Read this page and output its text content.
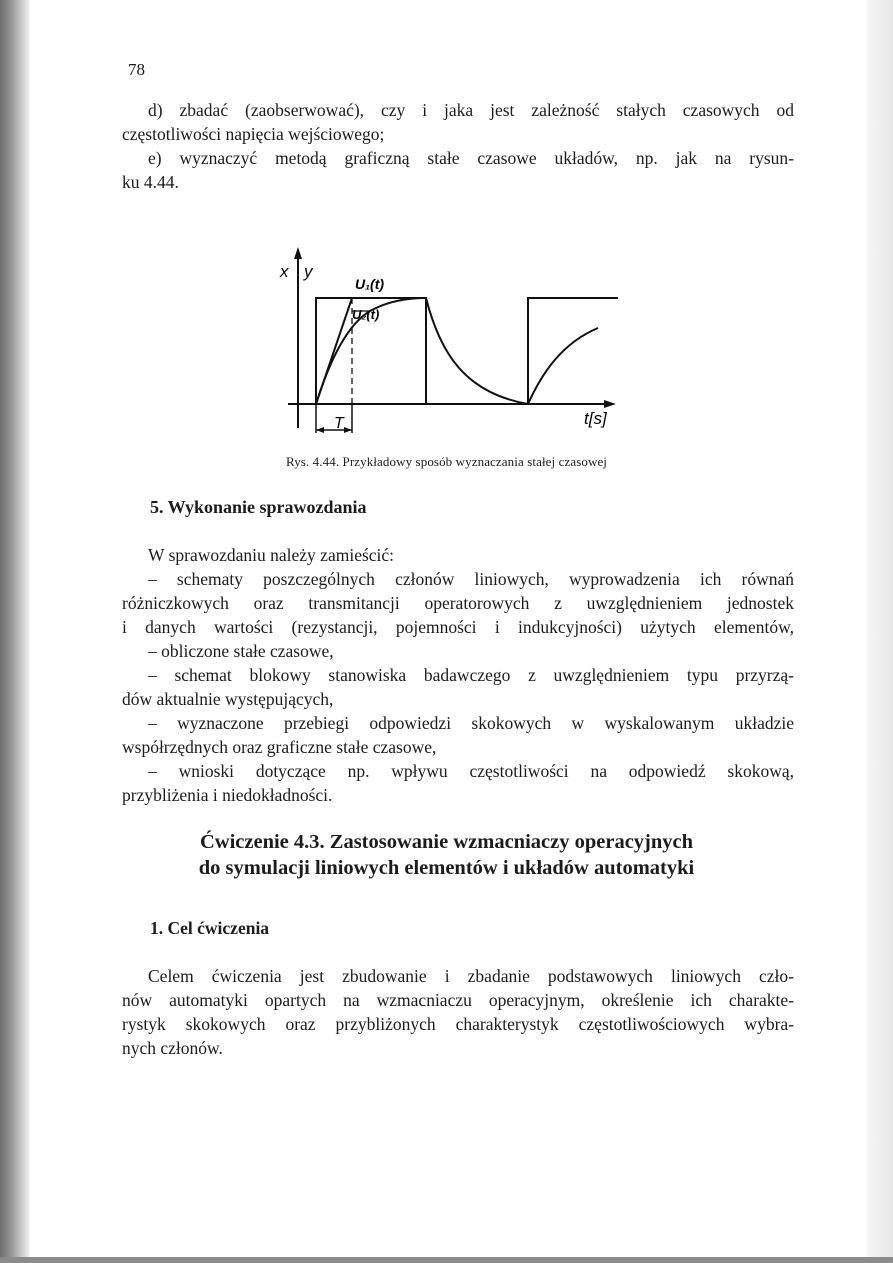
78
d) zbadać (zaobserwować), czy i jaka jest zależność stałych czasowych od
częstotliwości napięcia wejściowego;
e) wyznaczyć metodą graficzną stałe czasowe układów, np. jak na rysun-
ku 4.44.
x y
U₁(t)
U₂(t)
t[s]
T
Rys. 4.44. Przykładowy sposób wyznaczania stałej czasowej
5. Wykonanie sprawozdania
W sprawozdaniu należy zamieścić:
– schematy poszczególnych członów liniowych, wyprowadzenia ich równań
różniczkowych oraz transmitancji operatorowych z uwzględnieniem jednostek
i danych wartości (rezystancji, pojemności i indukcyjności) użytych elementów,
– obliczone stałe czasowe,
– schemat blokowy stanowiska badawczego z uwzględnieniem typu przyrzą-
dów aktualnie występujących,
– wyznaczone przebiegi odpowiedzi skokowych w wyskalowanym układzie
współrzędnych oraz graficzne stałe czasowe,
– wnioski dotyczące np. wpływu częstotliwości na odpowiedź skokową,
przybliżenia i niedokładności.
Ćwiczenie 4.3. Zastosowanie wzmacniaczy operacyjnych
do symulacji liniowych elementów i układów automatyki
1. Cel ćwiczenia
Celem ćwiczenia jest zbudowanie i zbadanie podstawowych liniowych czło-
nów automatyki opartych na wzmacniaczu operacyjnym, określenie ich charakte-
rystyk skokowych oraz przybliżonych charakterystyk częstotliwościowych wybra-
nych członów.
